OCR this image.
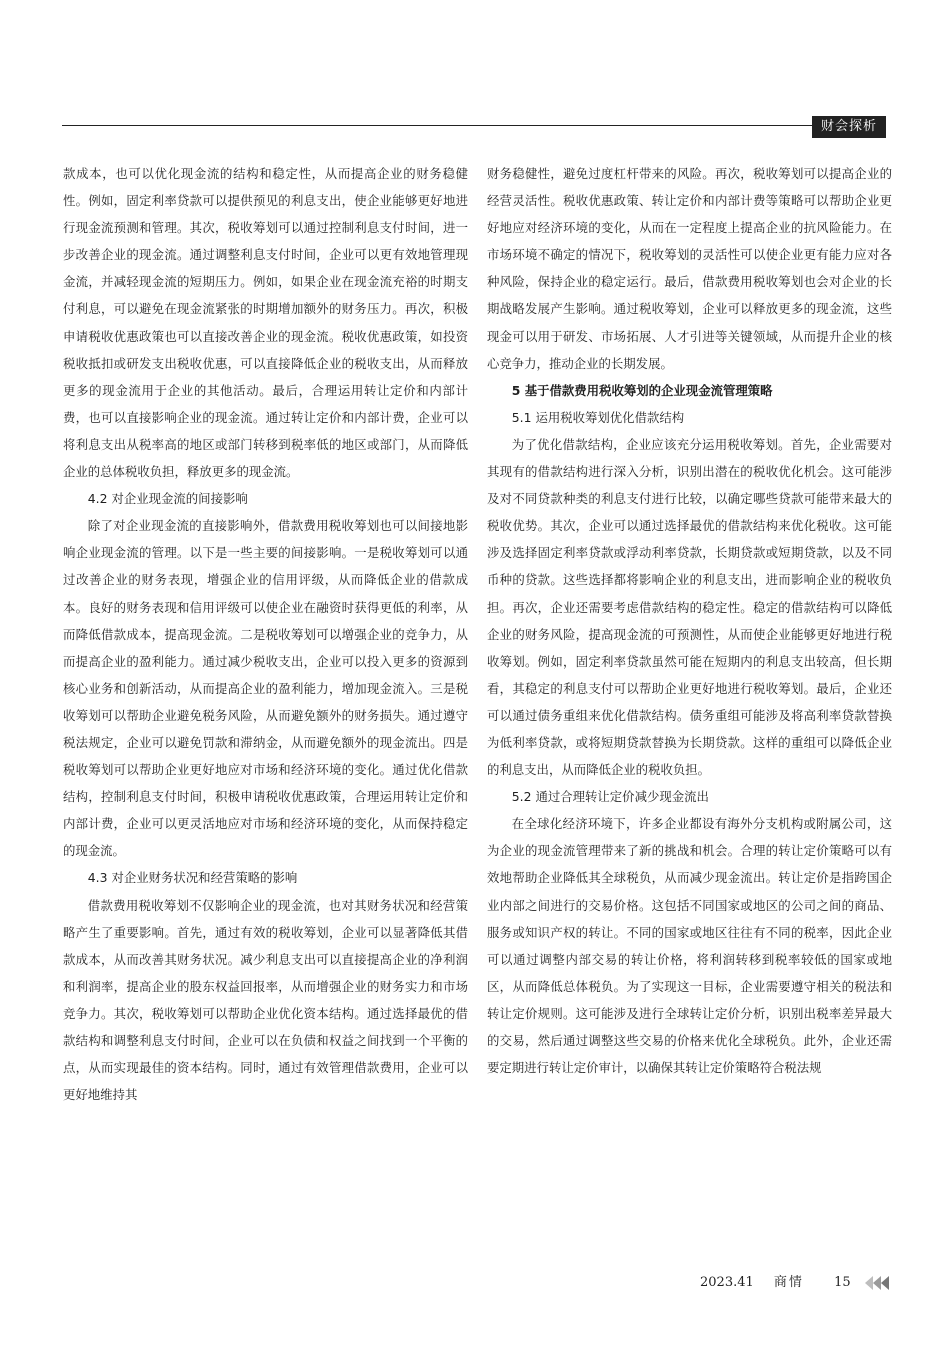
财会探析

款成本，也可以优化现金流的结构和稳定性，从而提高企业的财务稳健性。例如，固定利率贷款可以提供预见的利息支出，使企业能够更好地进行现金流预测和管理。其次，税收筹划可以通过控制利息支付时间，进一步改善企业的现金流。通过调整利息支付时间，企业可以更有效地管理现金流，并减轻现金流的短期压力。例如，如果企业在现金流充裕的时期支付利息，可以避免在现金流紧张的时期增加额外的财务压力。再次，积极申请税收优惠政策也可以直接改善企业的现金流。税收优惠政策，如投资税收抵扣或研发支出税收优惠，可以直接降低企业的税收支出，从而释放更多的现金流用于企业的其他活动。最后，合理运用转让定价和内部计费，也可以直接影响企业的现金流。通过转让定价和内部计费，企业可以将利息支出从税率高的地区或部门转移到税率低的地区或部门，从而降低企业的总体税收负担，释放更多的现金流。

4.2 对企业现金流的间接影响

除了对企业现金流的直接影响外，借款费用税收筹划也可以间接地影响企业现金流的管理。以下是一些主要的间接影响。一是税收筹划可以通过改善企业的财务表现，增强企业的信用评级，从而降低企业的借款成本。良好的财务表现和信用评级可以使企业在融资时获得更低的利率，从而降低借款成本，提高现金流。二是税收筹划可以增强企业的竞争力，从而提高企业的盈利能力。通过减少税收支出，企业可以投入更多的资源到核心业务和创新活动，从而提高企业的盈利能力，增加现金流入。三是税收筹划可以帮助企业避免税务风险，从而避免额外的财务损失。通过遵守税法规定，企业可以避免罚款和滞纳金，从而避免额外的现金流出。四是税收筹划可以帮助企业更好地应对市场和经济环境的变化。通过优化借款结构，控制利息支付时间，积极申请税收优惠政策，合理运用转让定价和内部计费，企业可以更灵活地应对市场和经济环境的变化，从而保持稳定的现金流。

4.3 对企业财务状况和经营策略的影响

借款费用税收筹划不仅影响企业的现金流，也对其财务状况和经营策略产生了重要影响。首先，通过有效的税收筹划，企业可以显著降低其借款成本，从而改善其财务状况。减少利息支出可以直接提高企业的净利润和利润率，提高企业的股东权益回报率，从而增强企业的财务实力和市场竞争力。其次，税收筹划可以帮助企业优化资本结构。通过选择最优的借款结构和调整利息支付时间，企业可以在负债和权益之间找到一个平衡的点，从而实现最佳的资本结构。同时，通过有效管理借款费用，企业可以更好地维持其

财务稳健性，避免过度杠杆带来的风险。再次，税收筹划可以提高企业的经营灵活性。税收优惠政策、转让定价和内部计费等策略可以帮助企业更好地应对经济环境的变化，从而在一定程度上提高企业的抗风险能力。在市场环境不确定的情况下，税收筹划的灵活性可以使企业更有能力应对各种风险，保持企业的稳定运行。最后，借款费用税收筹划也会对企业的长期战略发展产生影响。通过税收筹划，企业可以释放更多的现金流，这些现金可以用于研发、市场拓展、人才引进等关键领域，从而提升企业的核心竞争力，推动企业的长期发展。

5 基于借款费用税收筹划的企业现金流管理策略
5.1 运用税收筹划优化借款结构

为了优化借款结构，企业应该充分运用税收筹划。首先，企业需要对其现有的借款结构进行深入分析，识别出潜在的税收优化机会。这可能涉及对不同贷款种类的利息支付进行比较，以确定哪些贷款可能带来最大的税收优势。其次，企业可以通过选择最优的借款结构来优化税收。这可能涉及选择固定利率贷款或浮动利率贷款，长期贷款或短期贷款，以及不同币种的贷款。这些选择都将影响企业的利息支出，进而影响企业的税收负担。再次，企业还需要考虑借款结构的稳定性。稳定的借款结构可以降低企业的财务风险，提高现金流的可预测性，从而使企业能够更好地进行税收筹划。例如，固定利率贷款虽然可能在短期内的利息支出较高，但长期看，其稳定的利息支付可以帮助企业更好地进行税收筹划。最后，企业还可以通过债务重组来优化借款结构。债务重组可能涉及将高利率贷款替换为低利率贷款，或将短期贷款替换为长期贷款。这样的重组可以降低企业的利息支出，从而降低企业的税收负担。

5.2 通过合理转让定价减少现金流出

在全球化经济环境下，许多企业都设有海外分支机构或附属公司，这为企业的现金流管理带来了新的挑战和机会。合理的转让定价策略可以有效地帮助企业降低其全球税负，从而减少现金流出。转让定价是指跨国企业内部之间进行的交易价格。这包括不同国家或地区的公司之间的商品、服务或知识产权的转让。不同的国家或地区往往有不同的税率，因此企业可以通过调整内部交易的转让价格，将利润转移到税率较低的国家或地区，从而降低总体税负。为了实现这一目标，企业需要遵守相关的税法和转让定价规则。这可能涉及进行全球转让定价分析，识别出税率差异最大的交易，然后通过调整这些交易的价格来优化全球税负。此外，企业还需要定期进行转让定价审计，以确保其转让定价策略符合税法规

2023.41 商情 15
